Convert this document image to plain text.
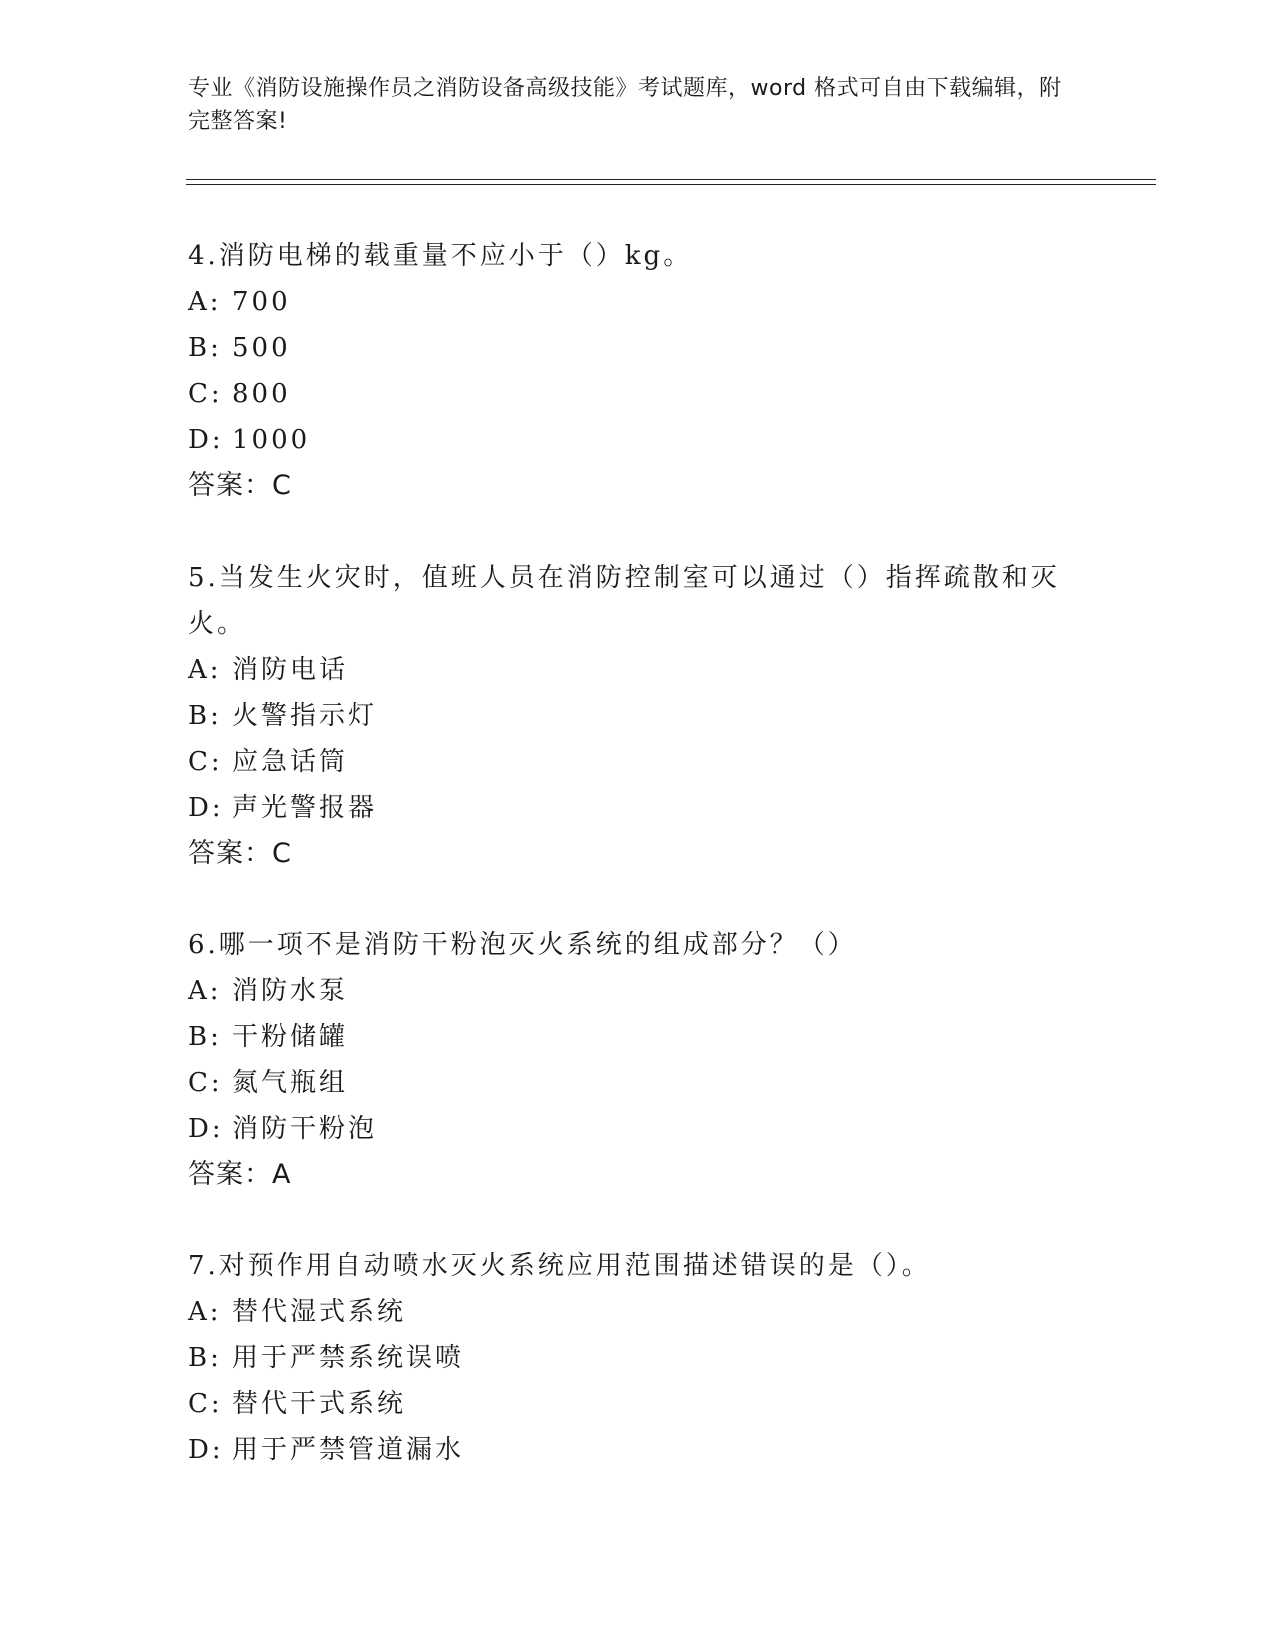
专业《消防设施操作员之消防设备高级技能》考试题库，word 格式可自由下载编辑，附完整答案!

4.消防电梯的载重量不应小于（）kg。

A: 700
B: 500
C: 800
D: 1000

答案：C

5.当发生火灾时，值班人员在消防控制室可以通过（）指挥疏散和灭火。

A: 消防电话
B: 火警指示灯
C: 应急话筒
D: 声光警报器

答案：C

6.哪一项不是消防干粉泡灭火系统的组成部分？（）

A: 消防水泵
B: 干粉储罐
C: 氮气瓶组
D: 消防干粉泡

答案：A

7.对预作用自动喷水灭火系统应用范围描述错误的是（）。

A: 替代湿式系统
B: 用于严禁系统误喷
C: 替代干式系统
D: 用于严禁管道漏水
